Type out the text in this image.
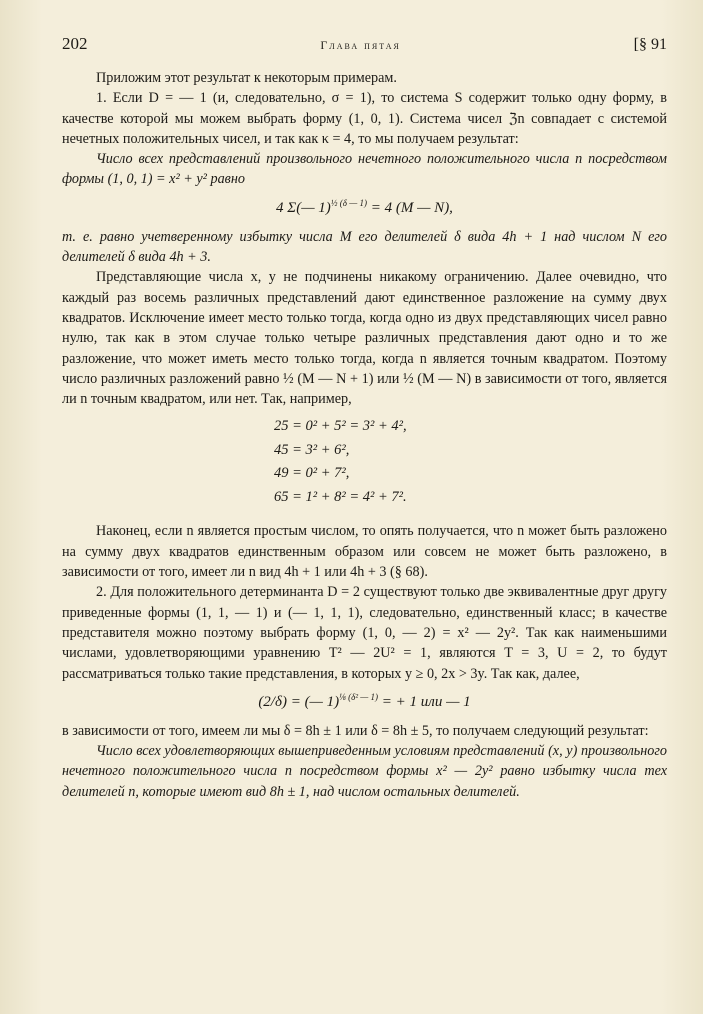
202	Глава пятая	[§ 91

Приложим этот результат к некоторым примерам.

1. Если D = — 1 (и, следовательно, σ = 1), то система S содержит только одну форму, в качестве которой мы можем выбрать форму (1, 0, 1). Система чисел ℨn совпадает с системой нечетных положительных чисел, и так как κ = 4, то мы получаем результат:

Число всех представлений произвольного нечетного положительного числа n посредством формы (1, 0, 1) = x² + y² равно

4 Σ(— 1)$^{\frac{1}{2} (\delta — 1)}$ = 4 (M — N),

т. е. равно учетверенному избытку числа M его делителей δ вида 4h + 1 над числом N его делителей δ вида 4h + 3.

Представляющие числа x, y не подчинены никакому ограничению. Далее очевидно, что каждый раз восемь различных представлений дают единственное разложение на сумму двух квадратов. Исключение имеет место только тогда, когда одно из двух представляющих чисел равно нулю, так как в этом случае только четыре различных представления дают одно и то же разложение, что может иметь место только тогда, когда n является точным квадратом. Поэтому число различных разложений равно ½ (M — N + 1) или ½ (M — N) в зависимости от того, является ли n точным квадратом, или нет. Так, например,

25 = 0² + 5² = 3² + 4²,
45 = 3² + 6²,
49 = 0² + 7²,
65 = 1² + 8² = 4² + 7².

Наконец, если n является простым числом, то опять получается, что n может быть разложено на сумму двух квадратов единственным образом или совсем не может быть разложено, в зависимости от того, имеет ли n вид 4h + 1 или 4h + 3 (§ 68).

2. Для положительного детерминанта D = 2 существуют только две эквивалентные друг другу приведенные формы (1, 1, — 1) и (— 1, 1, 1), следовательно, единственный класс; в качестве представителя можно поэтому выбрать форму (1, 0, — 2) = x² — 2y². Так как наименьшими числами, удовлетворяющими уравнению T² — 2U² = 1, являются T = 3, U = 2, то будут рассматриваться только такие представления, в которых y ≥ 0, 2x > 3y. Так как, далее,

(2/δ) = (— 1)$^{\frac{1}{8} (\delta^2 — 1)}$ = + 1 или — 1

в зависимости от того, имеем ли мы δ = 8h ± 1 или δ = 8h ± 5, то получаем следующий результат:

Число всех удовлетворяющих вышеприведенным условиям представлений (x, y) произвольного нечетного положительного числа n посредством формы x² — 2y² равно избытку числа тех делителей n, которые имеют вид 8h ± 1, над числом остальных делителей.
